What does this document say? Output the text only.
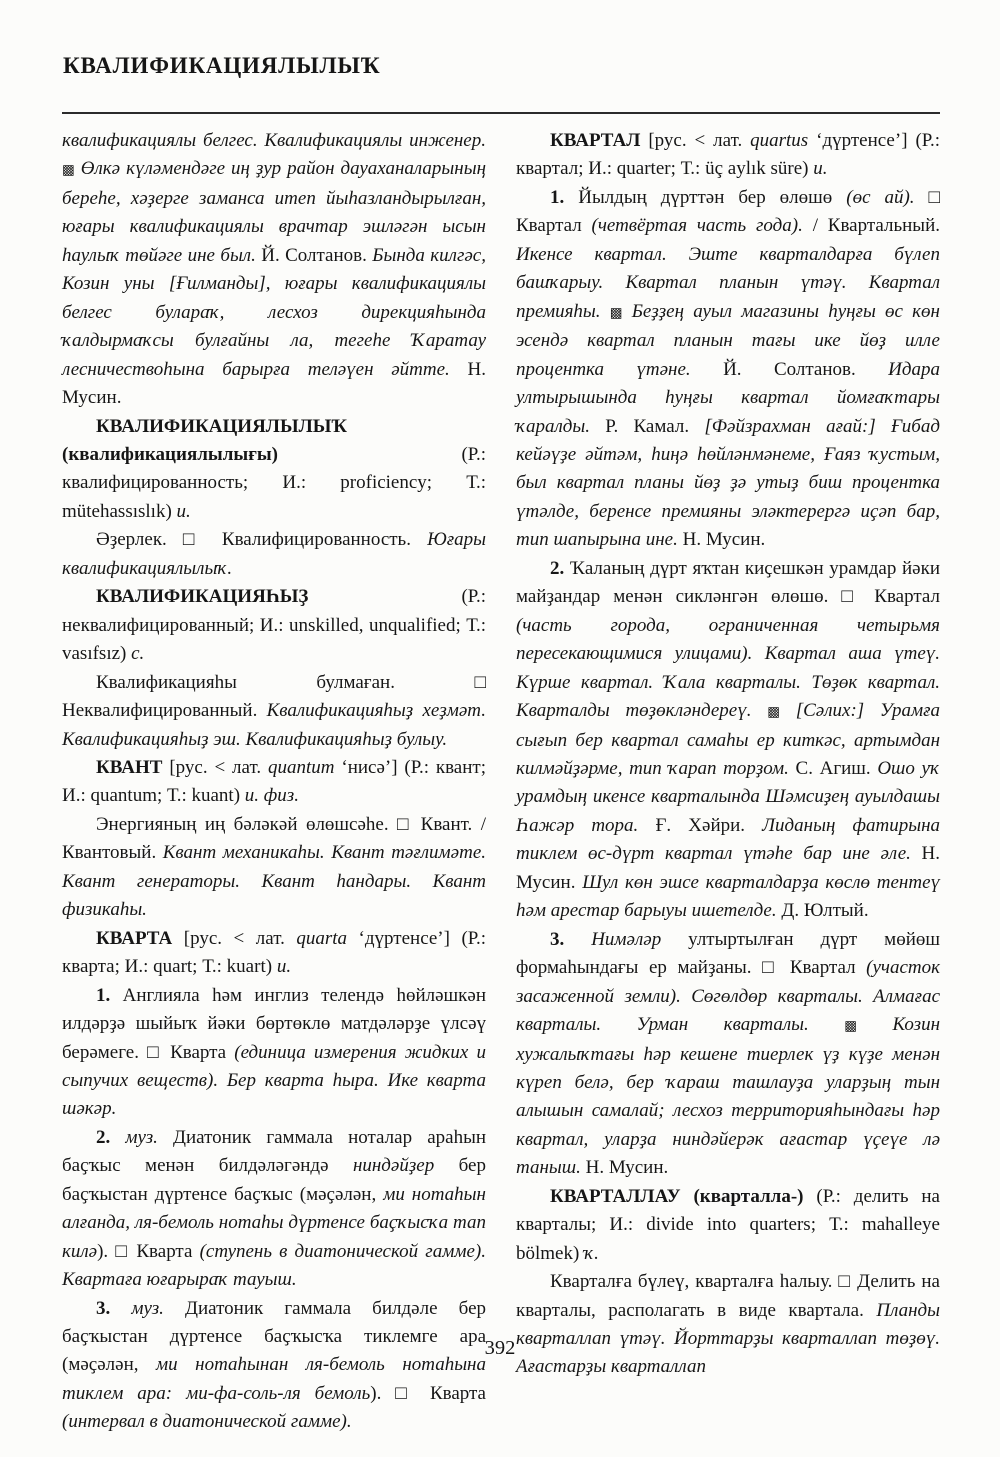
КВАЛИФИКАЦИЯЛЫЛЫҠ

квалификациялы белгес. Квалификациялы инженер. ▩ Өлкә күләмендәге иң ҙур район дауаханаларының береһе, хәҙерге заманса итеп йыһазландырылған, юғары квалификациялы врачтар эшләгән ысын һаулыҡ төйәге ине был. Й. Солтанов. Бында килгәс, Козин уны [Ғилманды], юғары квалификациялы белгес булараҡ, лесхоз дирекцияһында ҡалдырмаҡсы булғайны ла, тегеһе Ҡаратау лесничествоһына барырға теләүен әйтте. Н. Мусин.

КВАЛИФИКАЦИЯЛЫЛЫҠ (квалификациялылығы) (Р.: квалифицированность; И.: proficiency; Т.: mütehassıslık) и.

Әҙерлек. □ Квалифицированность. Юғары квалификациялылыҡ.

КВАЛИФИКАЦИЯҺЫҘ (Р.: неквалифицированный; И.: unskilled, unqualified; Т.: vasıfsız) с.

Квалификацияһы булмаған. □ Неквалифицированный. Квалификацияһыҙ хеҙмәт. Квалификацияһыҙ эш. Квалификацияһыҙ булыу.

КВАНТ [рус. < лат. quantum ‘нисә’] (Р.: квант; И.: quantum; Т.: kuant) и. физ.

Энергияның иң бәләкәй өлөшсәһе. □ Квант. / Квантовый. Квант механикаһы. Квант тәғлимәте. Квант генераторы. Квант һандары. Квант физикаһы.

КВАРТА [рус. < лат. quarta ‘дүртенсе’] (Р.: кварта; И.: quart; Т.: kuart) и.

1. Англияла һәм инглиз телендә һөйләшкән илдәрҙә шыйыҡ йәки бөртөклө матдәләрҙе үлсәү берәмеге. □ Кварта (единица измерения жидких и сыпучих веществ). Бер кварта һыра. Ике кварта шәкәр.

2. муз. Диатоник гаммала ноталар араһын баҫҡыс менән билдәләгәндә ниндәйҙер бер баҫҡыстан дүртенсе баҫҡыс (мәҫәлән, ми нотаһын алғанда, ля-бемоль нотаһы дүртенсе баҫҡысҡа тап килә). □ Кварта (ступень в диатонической гамме). Квартаға юғарыраҡ тауыш.

3. муз. Диатоник гаммала билдәле бер баҫҡыстан дүртенсе баҫҡысҡа тиклемге ара (мәҫәлән, ми нотаһынан ля-бемоль нотаһына тиклем ара: ми-фа-соль-ля бемоль). □ Кварта (интервал в диатонической гамме).

КВАРТАЛ [рус. < лат. quartus ‘дүртенсе’] (Р.: квартал; И.: quarter; Т.: üç aylık süre) и.

1. Йылдың дүрттән бер өлөшө (өс ай). □ Квартал (четвёртая часть года). / Квартальный. Икенсе квартал. Эште кварталдарға бүлеп башҡарыу. Квартал планын үтәү. Квартал премияһы. ▩ Беҙҙең ауыл магазины һуңғы өс көн эсендә квартал планын тағы ике йөҙ илле процентка үтәне. Й. Солтанов. Идара ултырышында һуңғы квартал йомғаҡтары ҡаралды. Р. Камал. [Фәйзрахман ағай:] Ғибад кейәүҙе әйтәм, һиңә һөйләнмәнеме, Ғаяз ҡустым, был квартал планы йөҙ ҙә утыҙ биш процентка үтәлде, беренсе премияны эләктерергә иҫәп бар, тип шапырына ине. Н. Мусин.

2. Ҡаланың дүрт яҡтан киҫешкән урамдар йәки майҙандар менән сикләнгән өлөшө. □ Квартал (часть города, ограниченная четырьмя пересекающимися улицами). Квартал аша үтеү. Күрше квартал. Ҡала кварталы. Төҙөк квартал. Кварталды төҙөкләндереү. ▩ [Сәлих:] Урамға сығып бер квартал самаһы ер киткәс, артымдан килмәйҙәрме, тип ҡарап торҙом. С. Агиш. Ошо уҡ урамдың икенсе кварталында Шәмсиҙең ауылдашы Һажәр тора. Ғ. Хәйри. Лиданың фатирына тиклем өс-дүрт квартал үтәһе бар ине әле. Н. Мусин. Шул көн эшсе кварталдарҙа көслө тентеү һәм арестар барыуы ишетелде. Д. Юлтый.

3. Нимәләр ултыртылған дүрт мөйөш формаһындағы ер майҙаны. □ Квартал (участок засаженной земли). Сөгөлдөр кварталы. Алмағас кварталы. Урман кварталы. ▩ Козин хужалыҡтағы һәр кешене тиерлек үҙ күҙе менән күреп белә, бер ҡараш ташлауҙа уларҙың тын алышын самалай; лесхоз территорияһындағы һәр квартал, уларҙа ниндәйерәк ағастар үҫеүе лә таныш. Н. Мусин.

КВАРТАЛЛАУ (кварталла-) (Р.: делить на кварталы; И.: divide into quarters; Т.: mahalleye bölmek) ҡ.

Кварталға бүлеү, кварталға һалыу. □ Делить на кварталы, располагать в виде квартала. Планды кварталлап үтәү. Йорттарҙы кварталлап төҙөү. Ағастарҙы кварталлап

392
